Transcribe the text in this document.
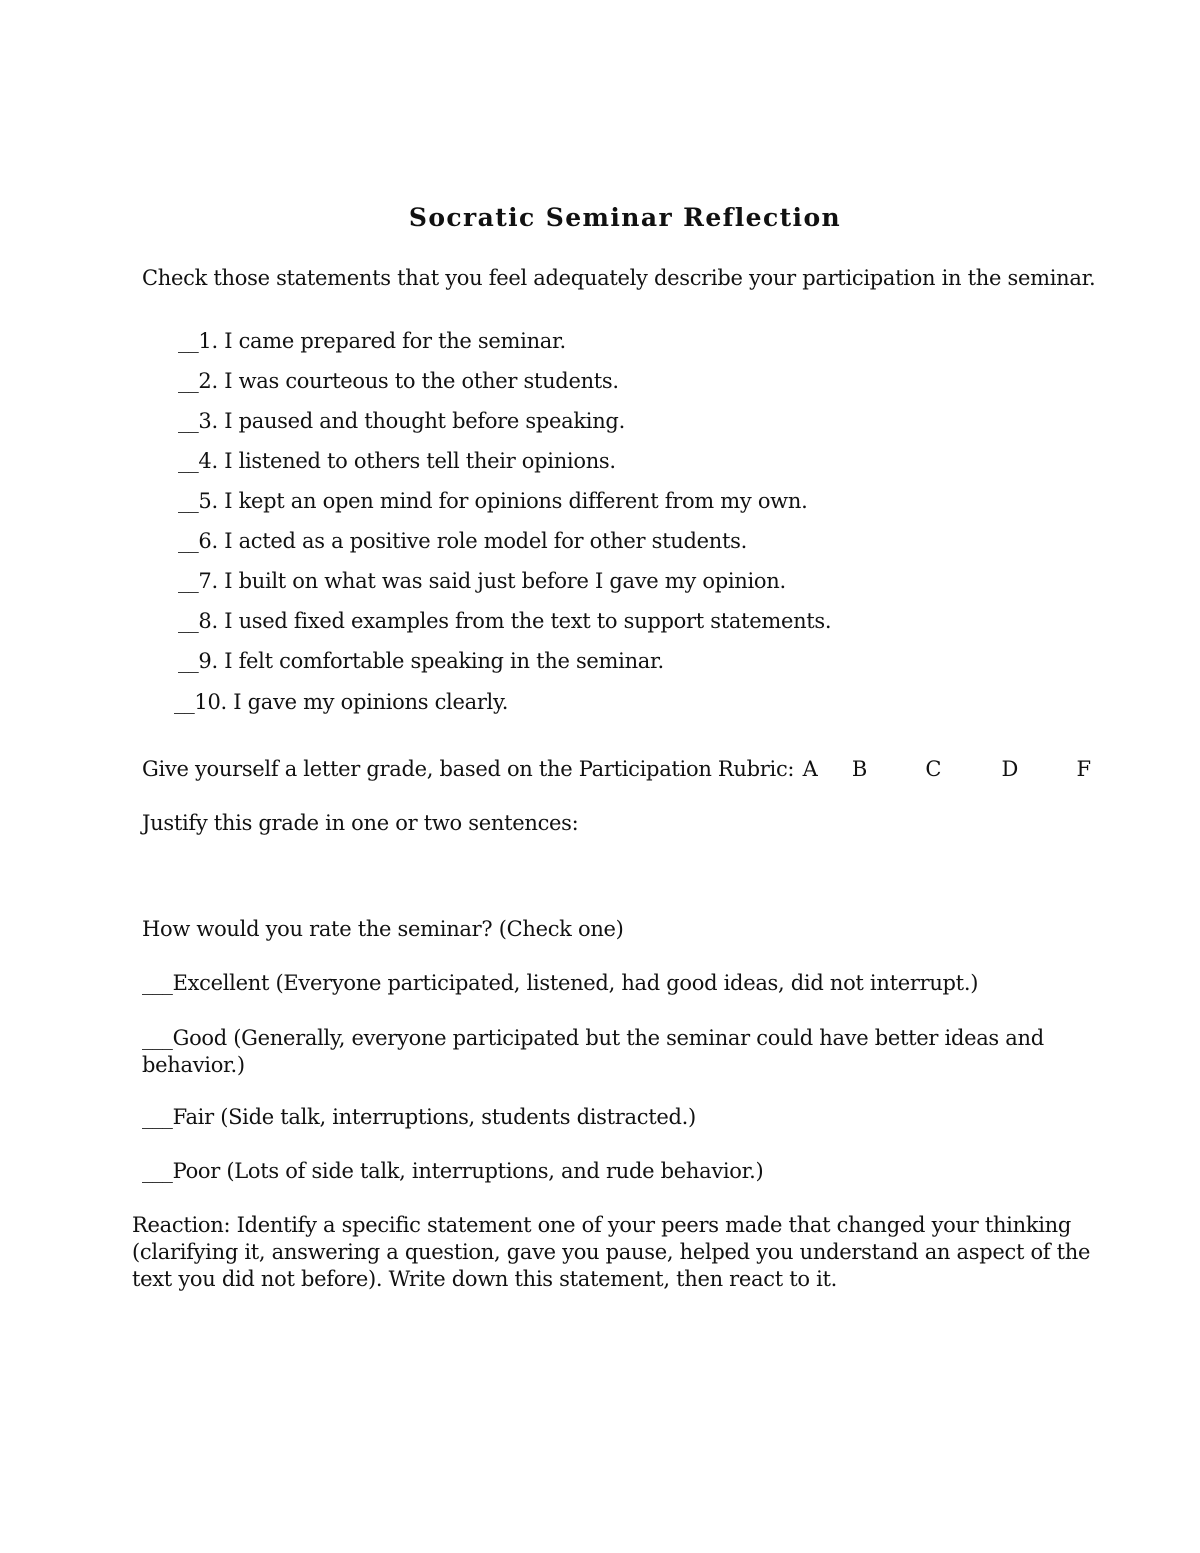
Socratic Seminar Reflection
Check those statements that you feel adequately describe your participation in the seminar.
__1. I came prepared for the seminar.
__2. I was courteous to the other students.
__3. I paused and thought before speaking.
__4. I listened to others tell their opinions.
__5. I kept an open mind for opinions different from my own.
__6. I acted as a positive role model for other students.
__7. I built on what was said just before I gave my opinion.
__8. I used fixed examples from the text to support statements.
__9. I felt comfortable speaking in the seminar.
__10. I gave my opinions clearly.
Give yourself a letter grade, based on the Participation Rubric: A B	C	D	F
Justify this grade in one or two sentences:
How would you rate the seminar? (Check one)
___Excellent (Everyone participated, listened, had good ideas, did not interrupt.)
___Good (Generally, everyone participated but the seminar could have better ideas and behavior.)
___Fair (Side talk, interruptions, students distracted.)
___Poor (Lots of side talk, interruptions, and rude behavior.)
Reaction: Identify a specific statement one of your peers made that changed your thinking (clarifying it, answering a question, gave you pause, helped you understand an aspect of the text you did not before). Write down this statement, then react to it.
